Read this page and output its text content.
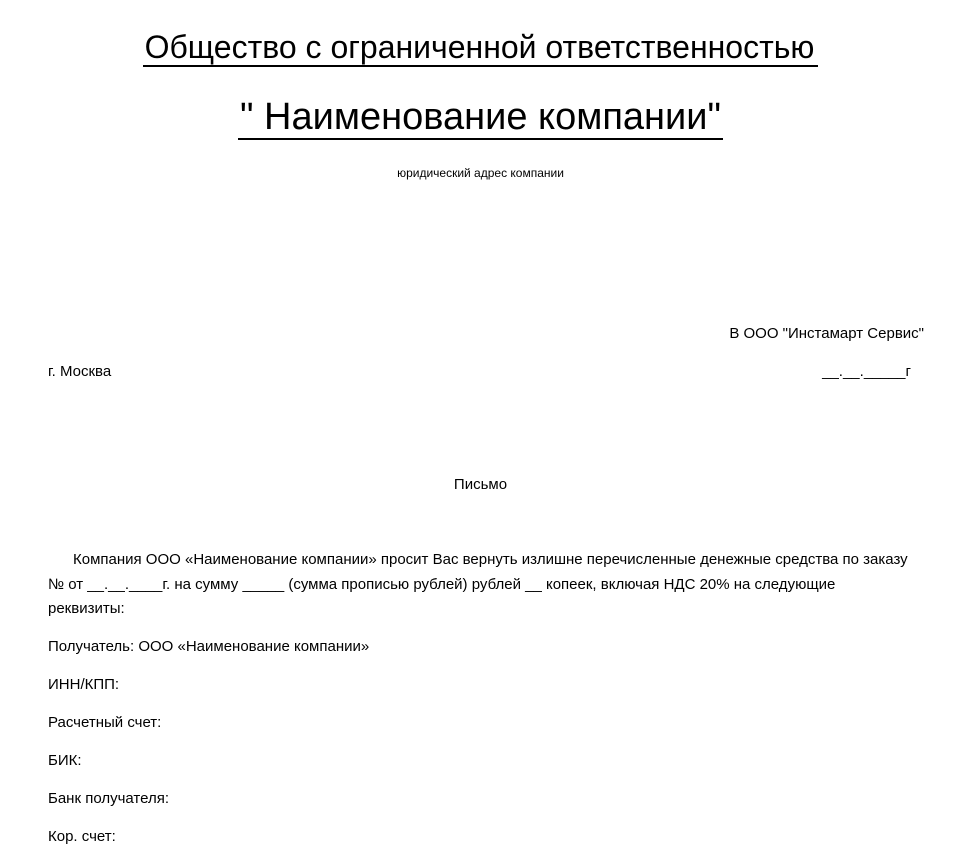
Общество с ограниченной ответственностью
" Наименование компании"
юридический адрес компании
В ООО "Инстамарт Сервис"
г. Москва	__.__._____г
Письмо
Компания ООО «Наименование компании» просит Вас вернуть излишне перечисленные денежные средства по заказу № от __.__.____г. на сумму _____ (сумма прописью рублей) рублей __ копеек, включая НДС 20% на следующие реквизиты:
Получатель: ООО «Наименование компании»
ИНН/КПП:
Расчетный счет:
БИК:
Банк получателя:
Кор. счет:
